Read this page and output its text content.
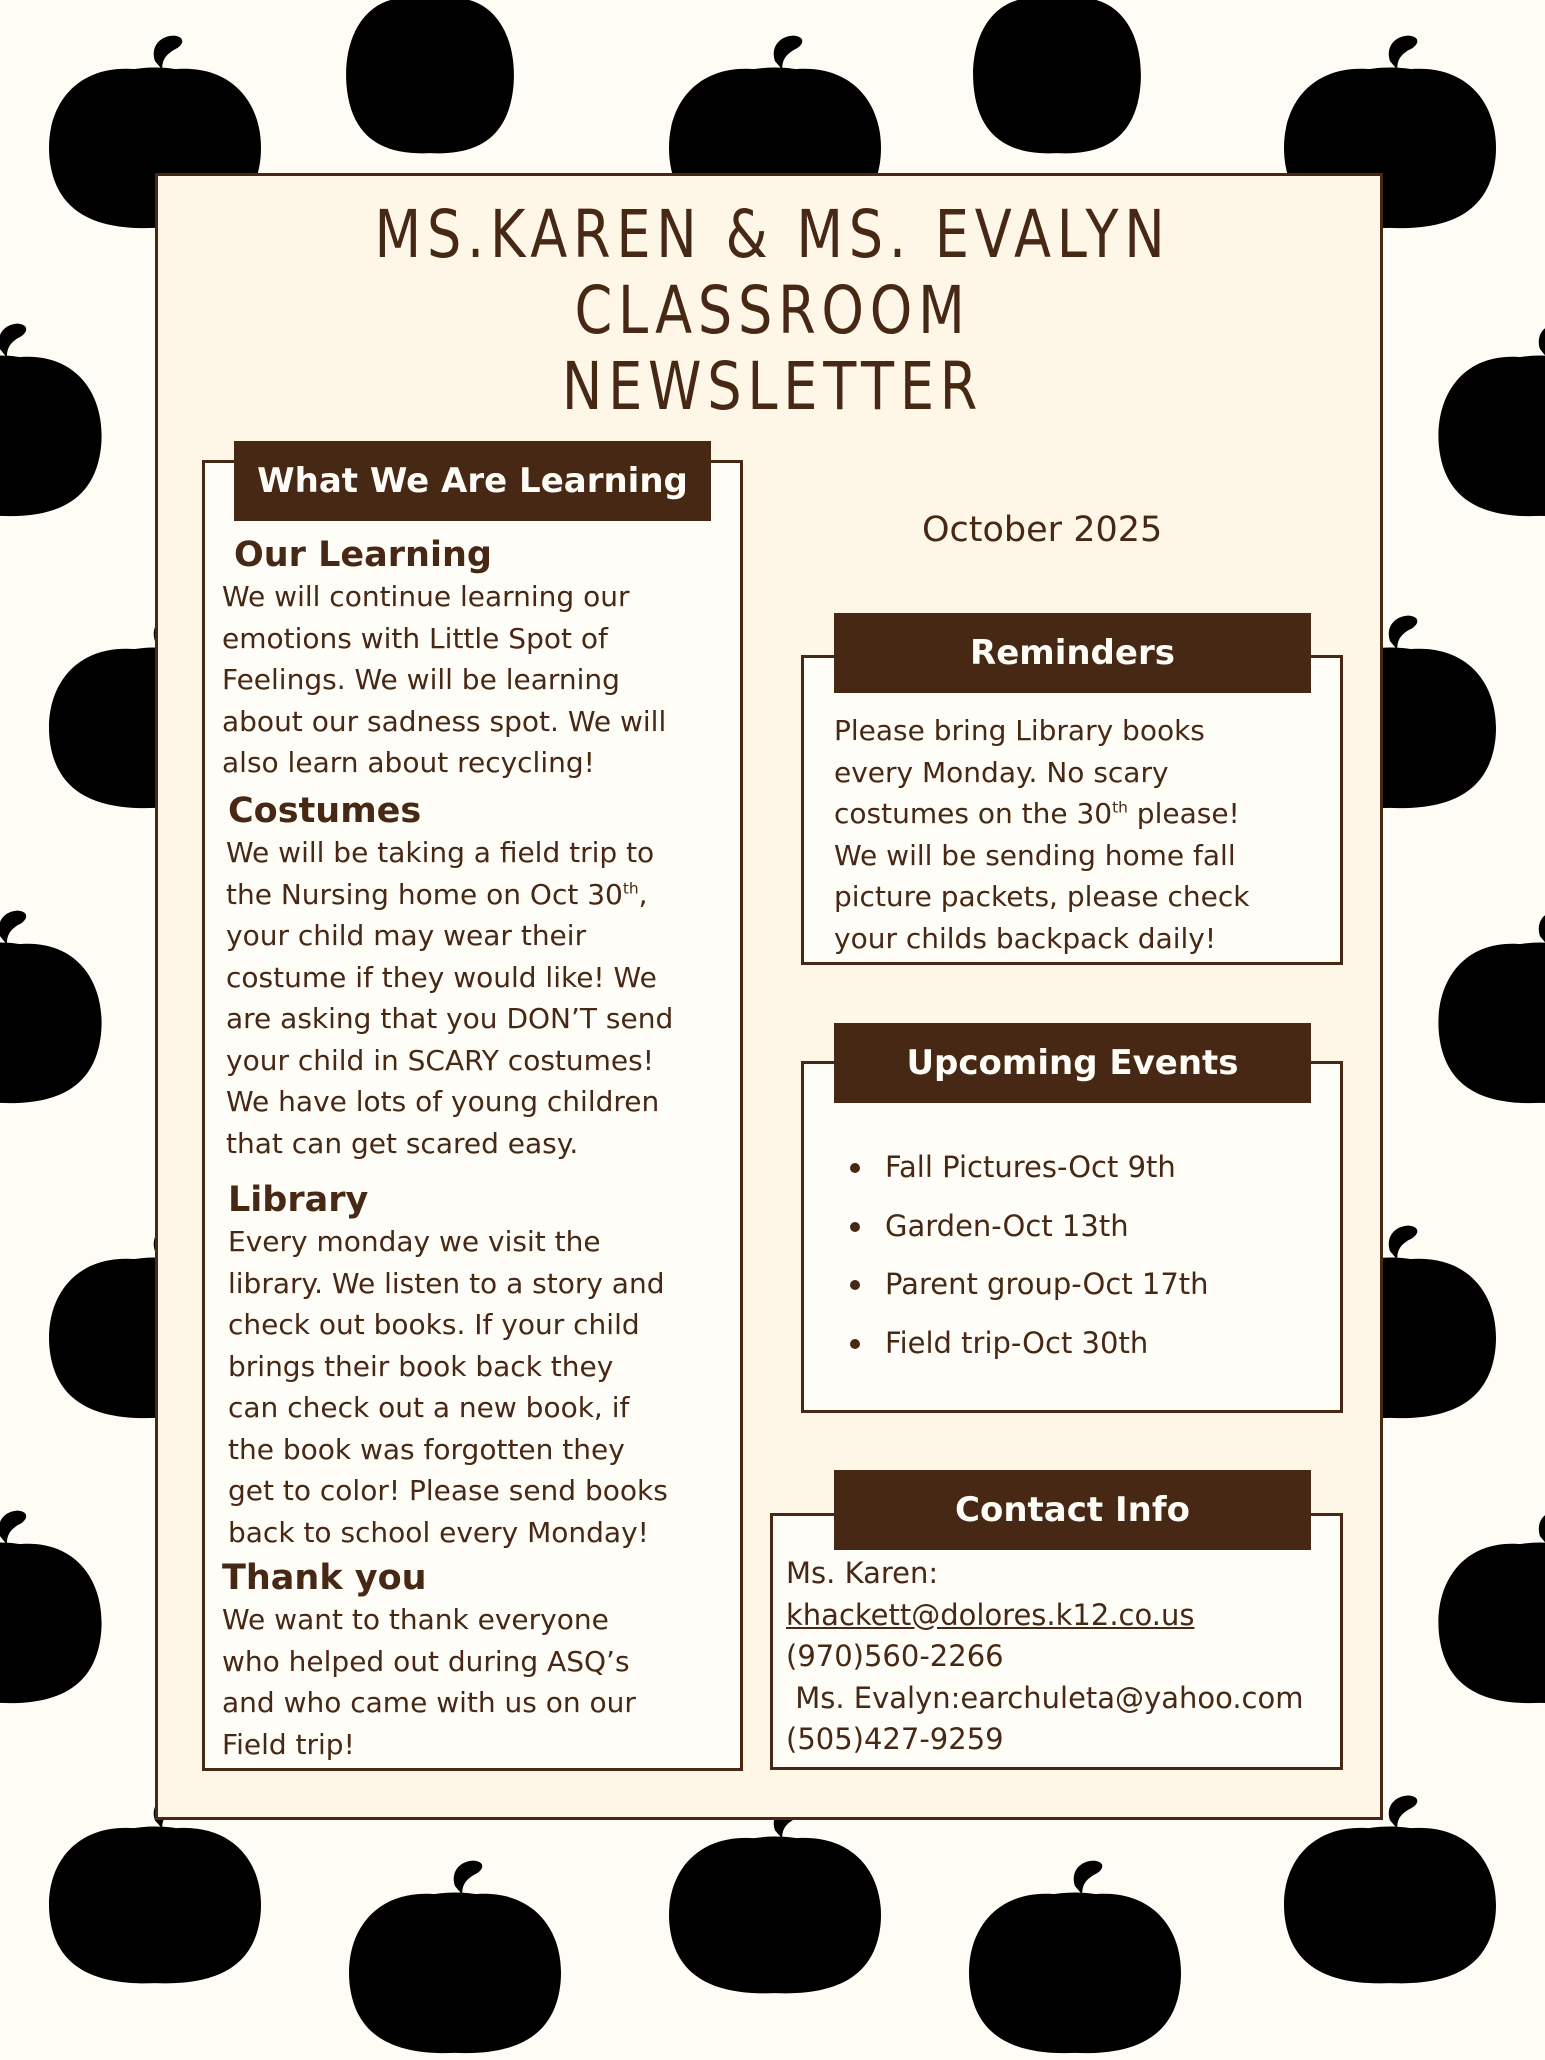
MS.KAREN & MS. EVALYN
CLASSROOM
NEWSLETTER
What We Are Learning
Our Learning
We will continue learning our
emotions with Little Spot of
Feelings. We will be learning
about our sadness spot. We will
also learn about recycling!
Costumes
We will be taking a field trip to
the Nursing home on Oct 30th,
your child may wear their
costume if they would like! We
are asking that you DON’T send
your child in SCARY costumes!
We have lots of young children
that can get scared easy.
Library
Every monday we visit the
library. We listen to a story and
check out books. If your child
brings their book back they
can check out a new book, if
the book was forgotten they
get to color! Please send books
back to school every Monday!
Thank you
We want to thank everyone
who helped out during ASQ’s
and who came with us on our
Field trip!
October 2025
Reminders
Please bring Library books
every Monday. No scary
costumes on the 30th please!
We will be sending home fall
picture packets, please check
your childs backpack daily!
Upcoming Events
Fall Pictures-Oct 9th
Garden-Oct 13th
Parent group-Oct 17th
Field trip-Oct 30th
Contact Info
Ms. Karen:
khackett@dolores.k12.co.us
(970)560-2266
Ms. Evalyn:earchuleta@yahoo.com
(505)427-9259
